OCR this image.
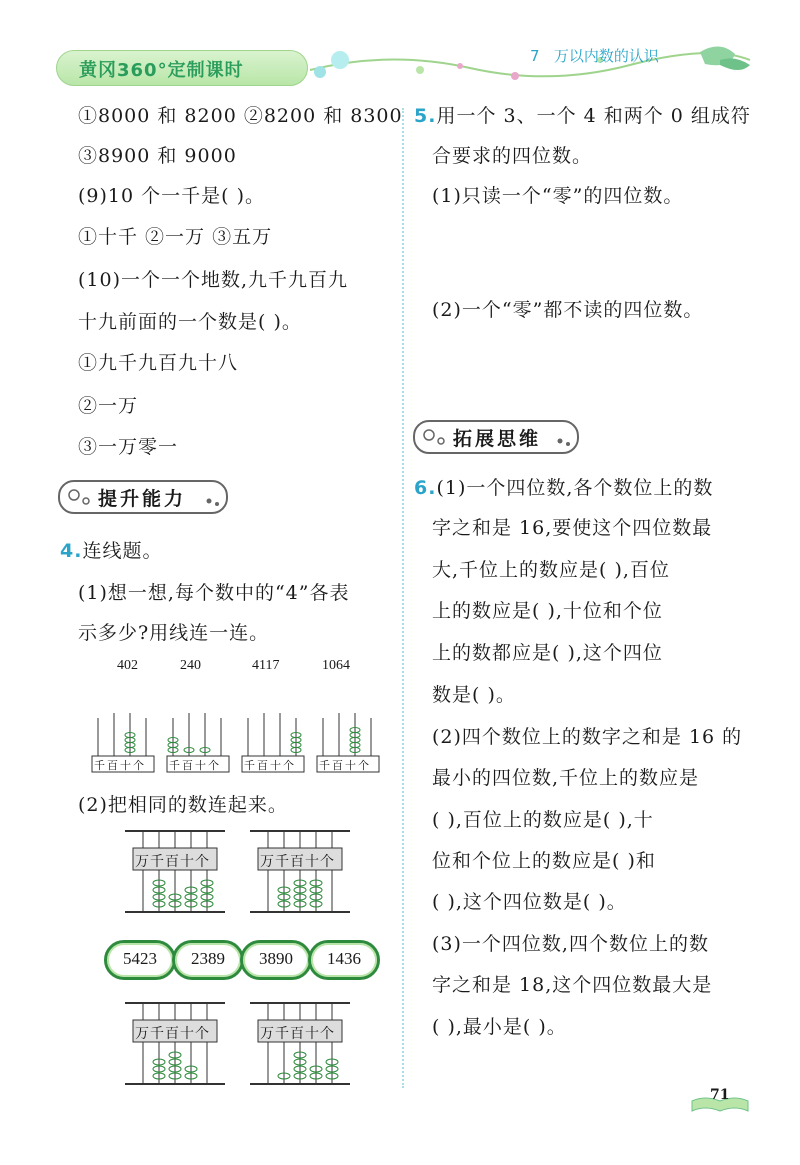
黄冈360°定制课时
7 万以内数的认识
①8000 和 8200 ②8200 和 8300
③8900 和 9000
(9)10 个一千是( )。
①十千 ②一万 ③五万
(10)一个一个地数,九千九百九
十九前面的一个数是( )。
①九千九百九十八
②一万
③一万零一
提升能力
4.连线题。
(1)想一想,每个数中的“4”各表
示多少?用线连一连。
402	240	4117	1064
千百十个 千百十个 千百十个 千百十个
(2)把相同的数连起来。
万千百十个	万千百十个
5423	2389	3890	1436
万千百十个	万千百十个
5.用一个 3、一个 4 和两个 0 组成符
合要求的四位数。
(1)只读一个“零”的四位数。
(2)一个“零”都不读的四位数。
拓展思维
6.(1)一个四位数,各个数位上的数
字之和是 16,要使这个四位数最
大,千位上的数应是( ),百位
上的数应是( ),十位和个位
上的数都应是( ),这个四位
数是( )。
(2)四个数位上的数字之和是 16 的
最小的四位数,千位上的数应是
( ),百位上的数应是( ),十
位和个位上的数应是( )和
( ),这个四位数是( )。
(3)一个四位数,四个数位上的数
字之和是 18,这个四位数最大是
( ),最小是( )。
71
